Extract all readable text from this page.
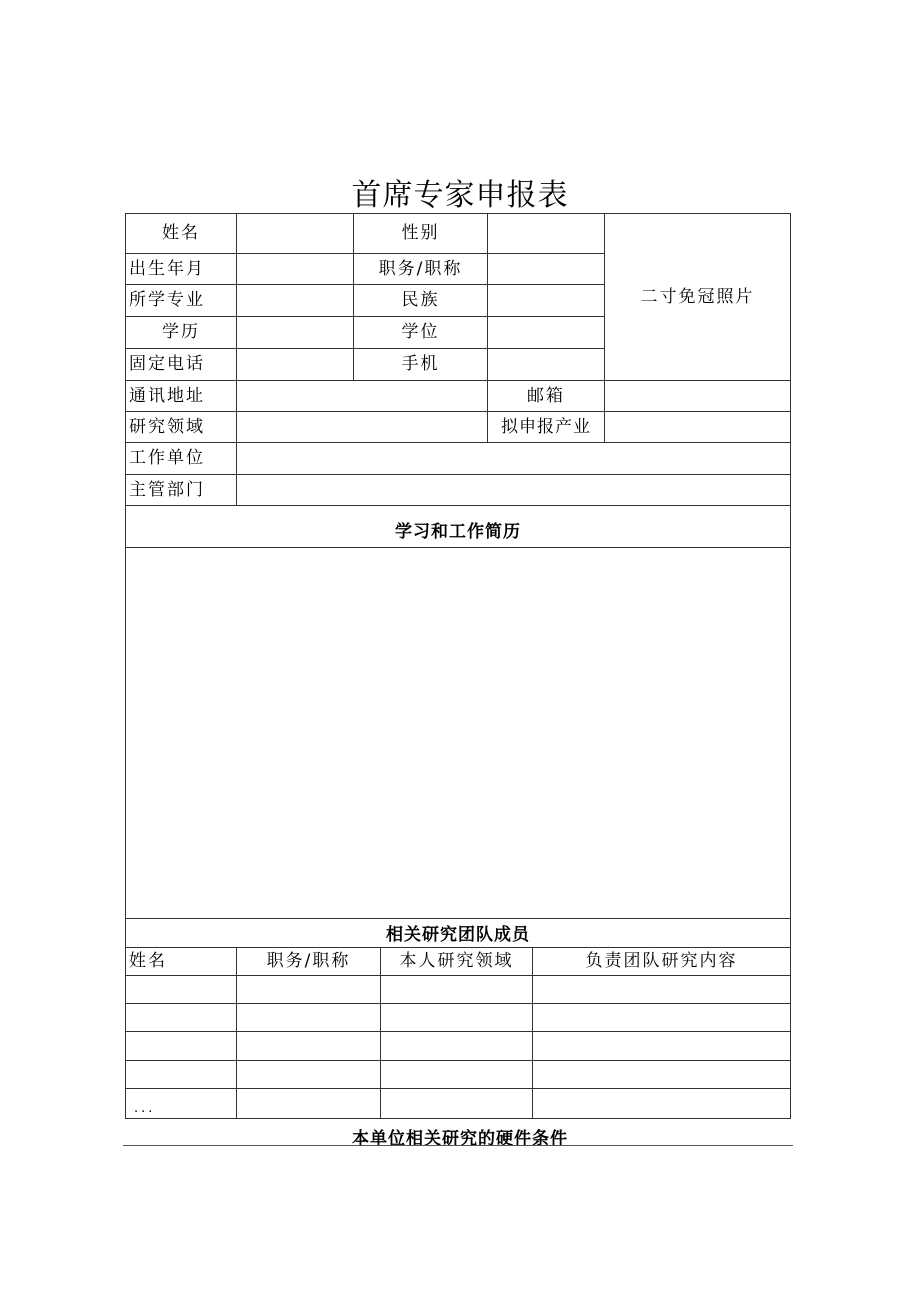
首席专家申报表
姓名	性别
二寸免冠照片
出生年月	职务/职称
所学专业	民族
学历	学位
固定电话	手机
通讯地址	邮箱
研究领域	拟申报产业
工作单位
主管部门
学习和工作简历
相关研究团队成员
姓名	职务/职称	本人研究领域	负责团队研究内容
...
本单位相关研究的硬件条件
